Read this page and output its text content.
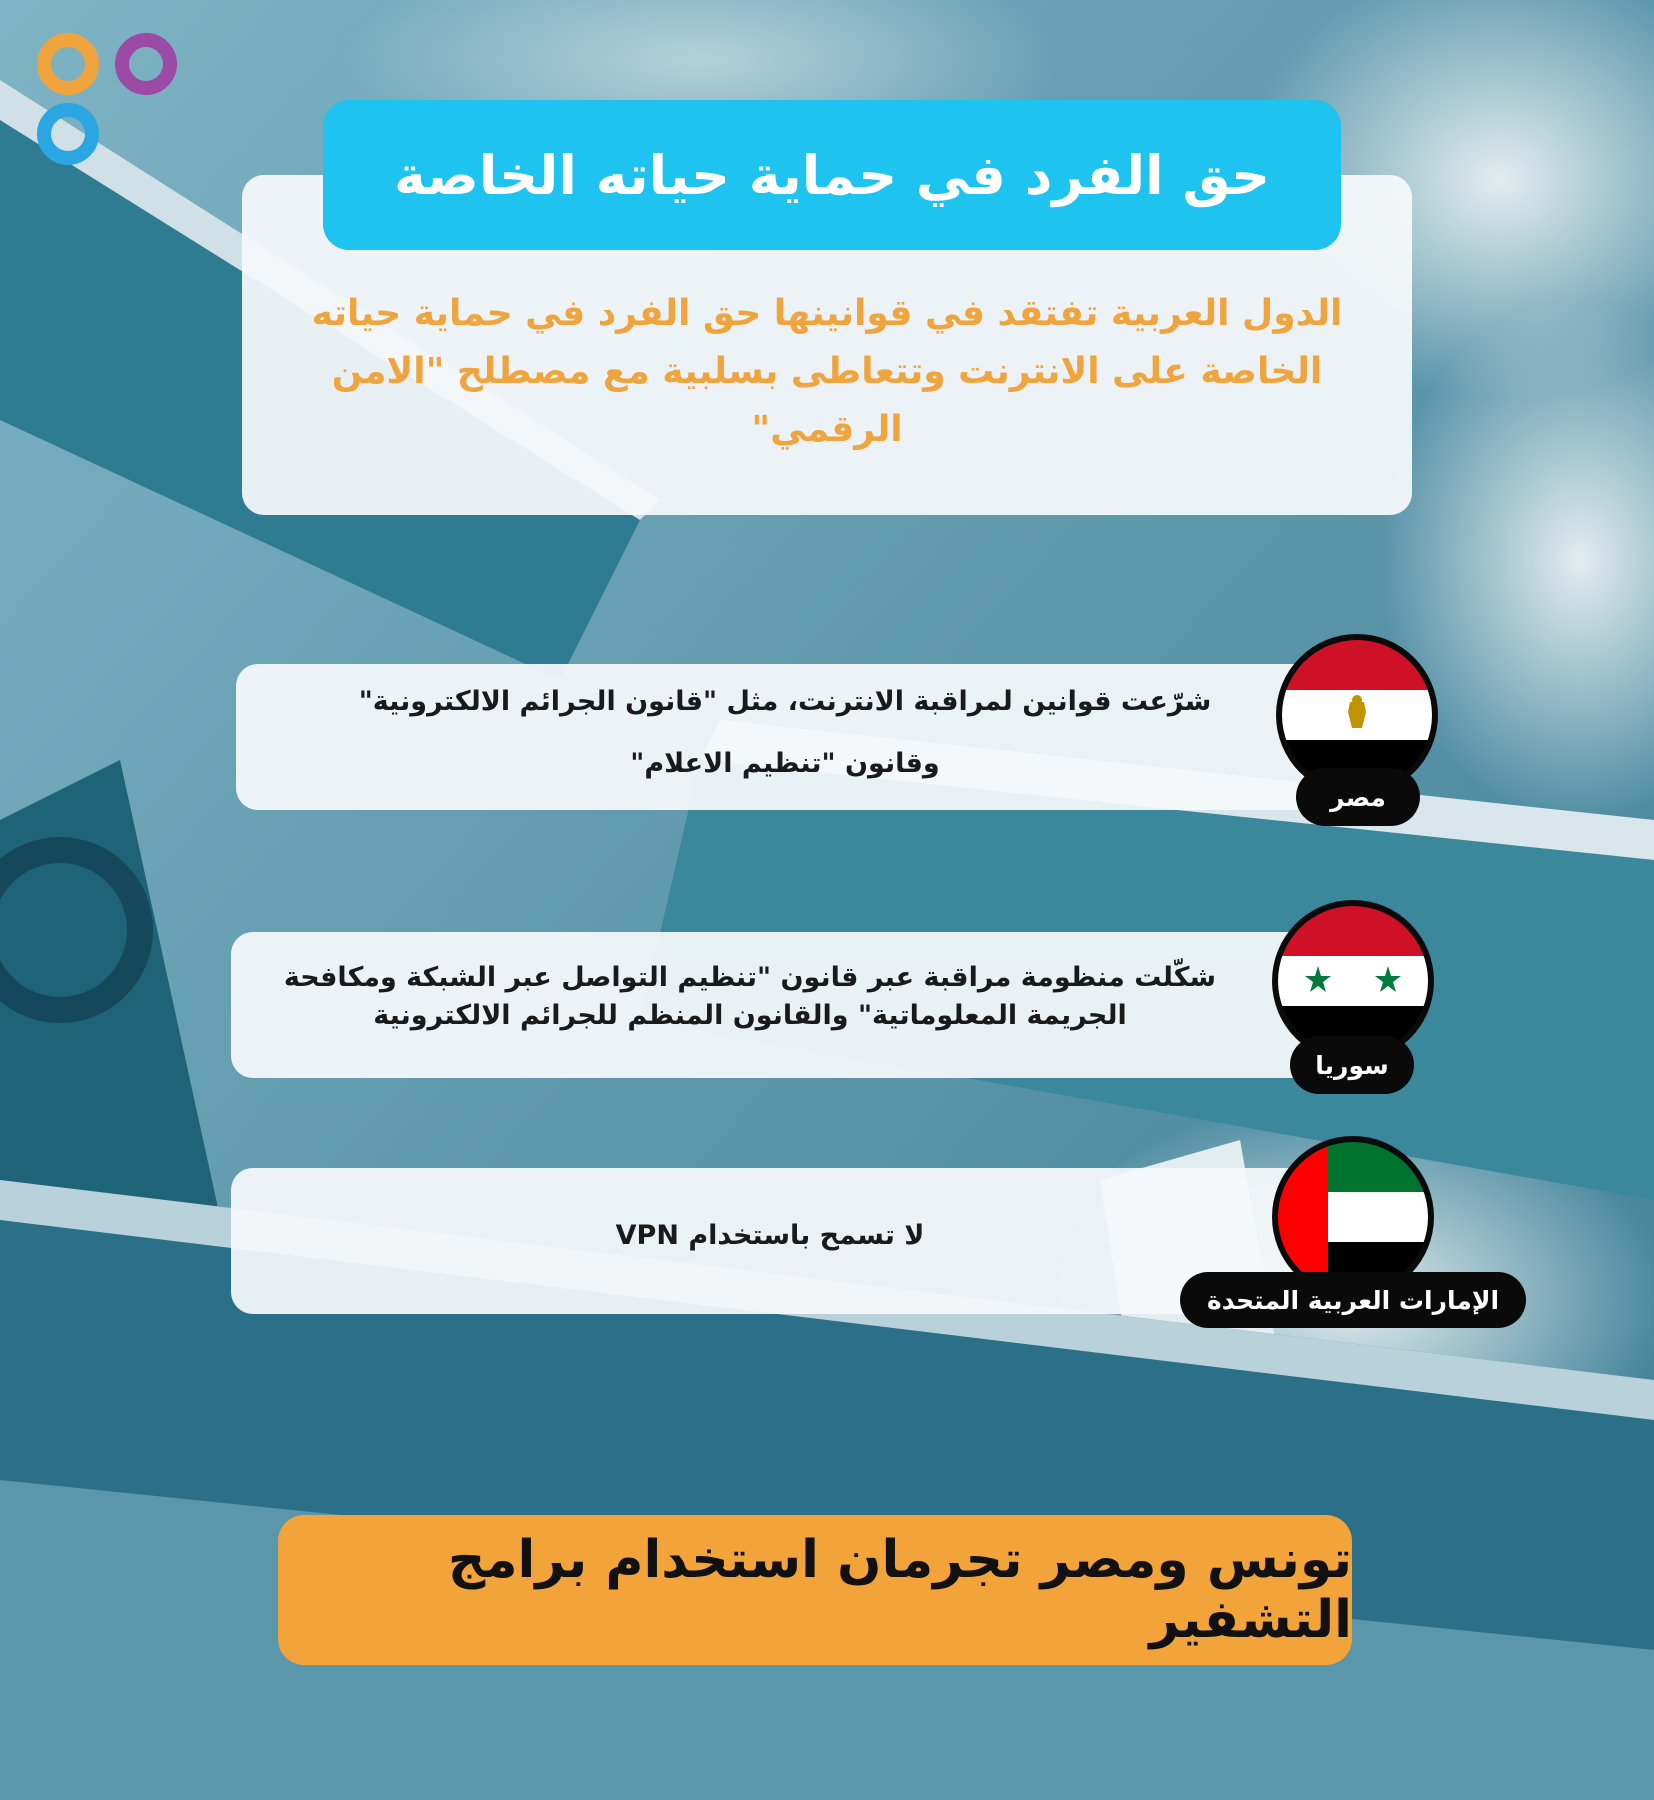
حق الفرد في حماية حياته الخاصة
الدول العربية تفتقد في قوانينها حق الفرد في حماية حياته الخاصة على الانترنت وتتعاطى بسلبية مع مصطلح "الامن الرقمي"
شرّعت قوانين لمراقبة الانترنت، مثل "قانون الجرائم الالكترونية"
وقانون "تنظيم الاعلام"
مصر
شكّلت منظومة مراقبة عبر قانون "تنظيم التواصل عبر الشبكة ومكافحة
الجريمة المعلوماتية" والقانون المنظم للجرائم الالكترونية
سوريا
لا تسمح باستخدام VPN
الإمارات العربية المتحدة
تونس ومصر تجرمان استخدام برامج التشفير
